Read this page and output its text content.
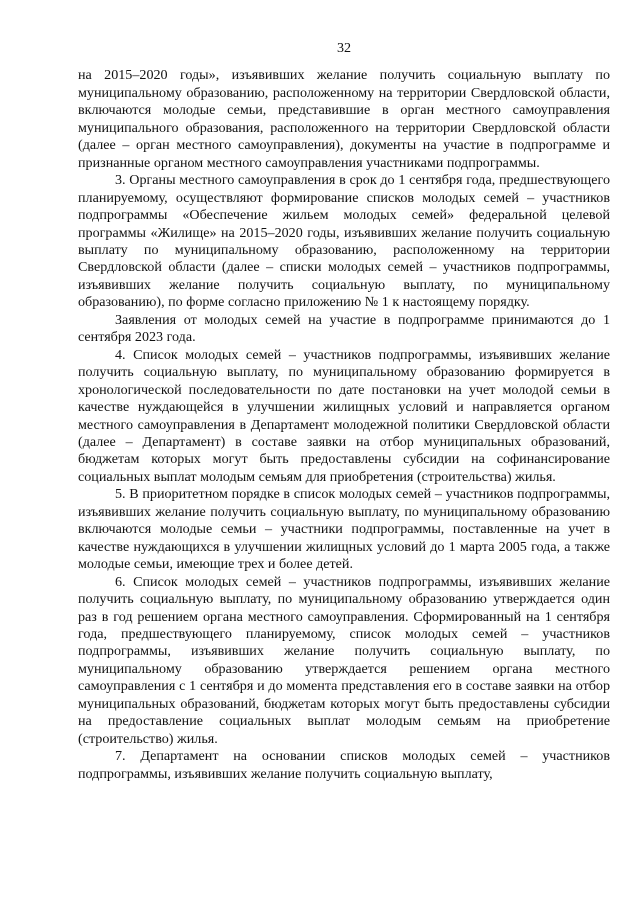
32

на 2015–2020 годы», изъявивших желание получить социальную выплату по муниципальному образованию, расположенному на территории Свердловской области, включаются молодые семьи, представившие в орган местного самоуправления муниципального образования, расположенного на территории Свердловской области (далее – орган местного самоуправления), документы на участие в подпрограмме и признанные органом местного самоуправления участниками подпрограммы.

3. Органы местного самоуправления в срок до 1 сентября года, предшествующего планируемому, осуществляют формирование списков молодых семей – участников подпрограммы «Обеспечение жильем молодых семей» федеральной целевой программы «Жилище» на 2015–2020 годы, изъявивших желание получить социальную выплату по муниципальному образованию, расположенному на территории Свердловской области (далее – списки молодых семей – участников подпрограммы, изъявивших желание получить социальную выплату, по муниципальному образованию), по форме согласно приложению № 1 к настоящему порядку.

Заявления от молодых семей на участие в подпрограмме принимаются до 1 сентября 2023 года.

4. Список молодых семей – участников подпрограммы, изъявивших желание получить социальную выплату, по муниципальному образованию формируется в хронологической последовательности по дате постановки на учет молодой семьи в качестве нуждающейся в улучшении жилищных условий и направляется органом местного самоуправления в Департамент молодежной политики Свердловской области (далее – Департамент) в составе заявки на отбор муниципальных образований, бюджетам которых могут быть предоставлены субсидии на софинансирование социальных выплат молодым семьям для приобретения (строительства) жилья.

5. В приоритетном порядке в список молодых семей – участников подпрограммы, изъявивших желание получить социальную выплату, по муниципальному образованию включаются молодые семьи – участники подпрограммы, поставленные на учет в качестве нуждающихся в улучшении жилищных условий до 1 марта 2005 года, а также молодые семьи, имеющие трех и более детей.

6. Список молодых семей – участников подпрограммы, изъявивших желание получить социальную выплату, по муниципальному образованию утверждается один раз в год решением органа местного самоуправления. Сформированный на 1 сентября года, предшествующего планируемому, список молодых семей – участников подпрограммы, изъявивших желание получить социальную выплату, по муниципальному образованию утверждается решением органа местного самоуправления с 1 сентября и до момента представления его в составе заявки на отбор муниципальных образований, бюджетам которых могут быть предоставлены субсидии на предоставление социальных выплат молодым семьям на приобретение (строительство) жилья.

7. Департамент на основании списков молодых семей – участников подпрограммы, изъявивших желание получить социальную выплату,
